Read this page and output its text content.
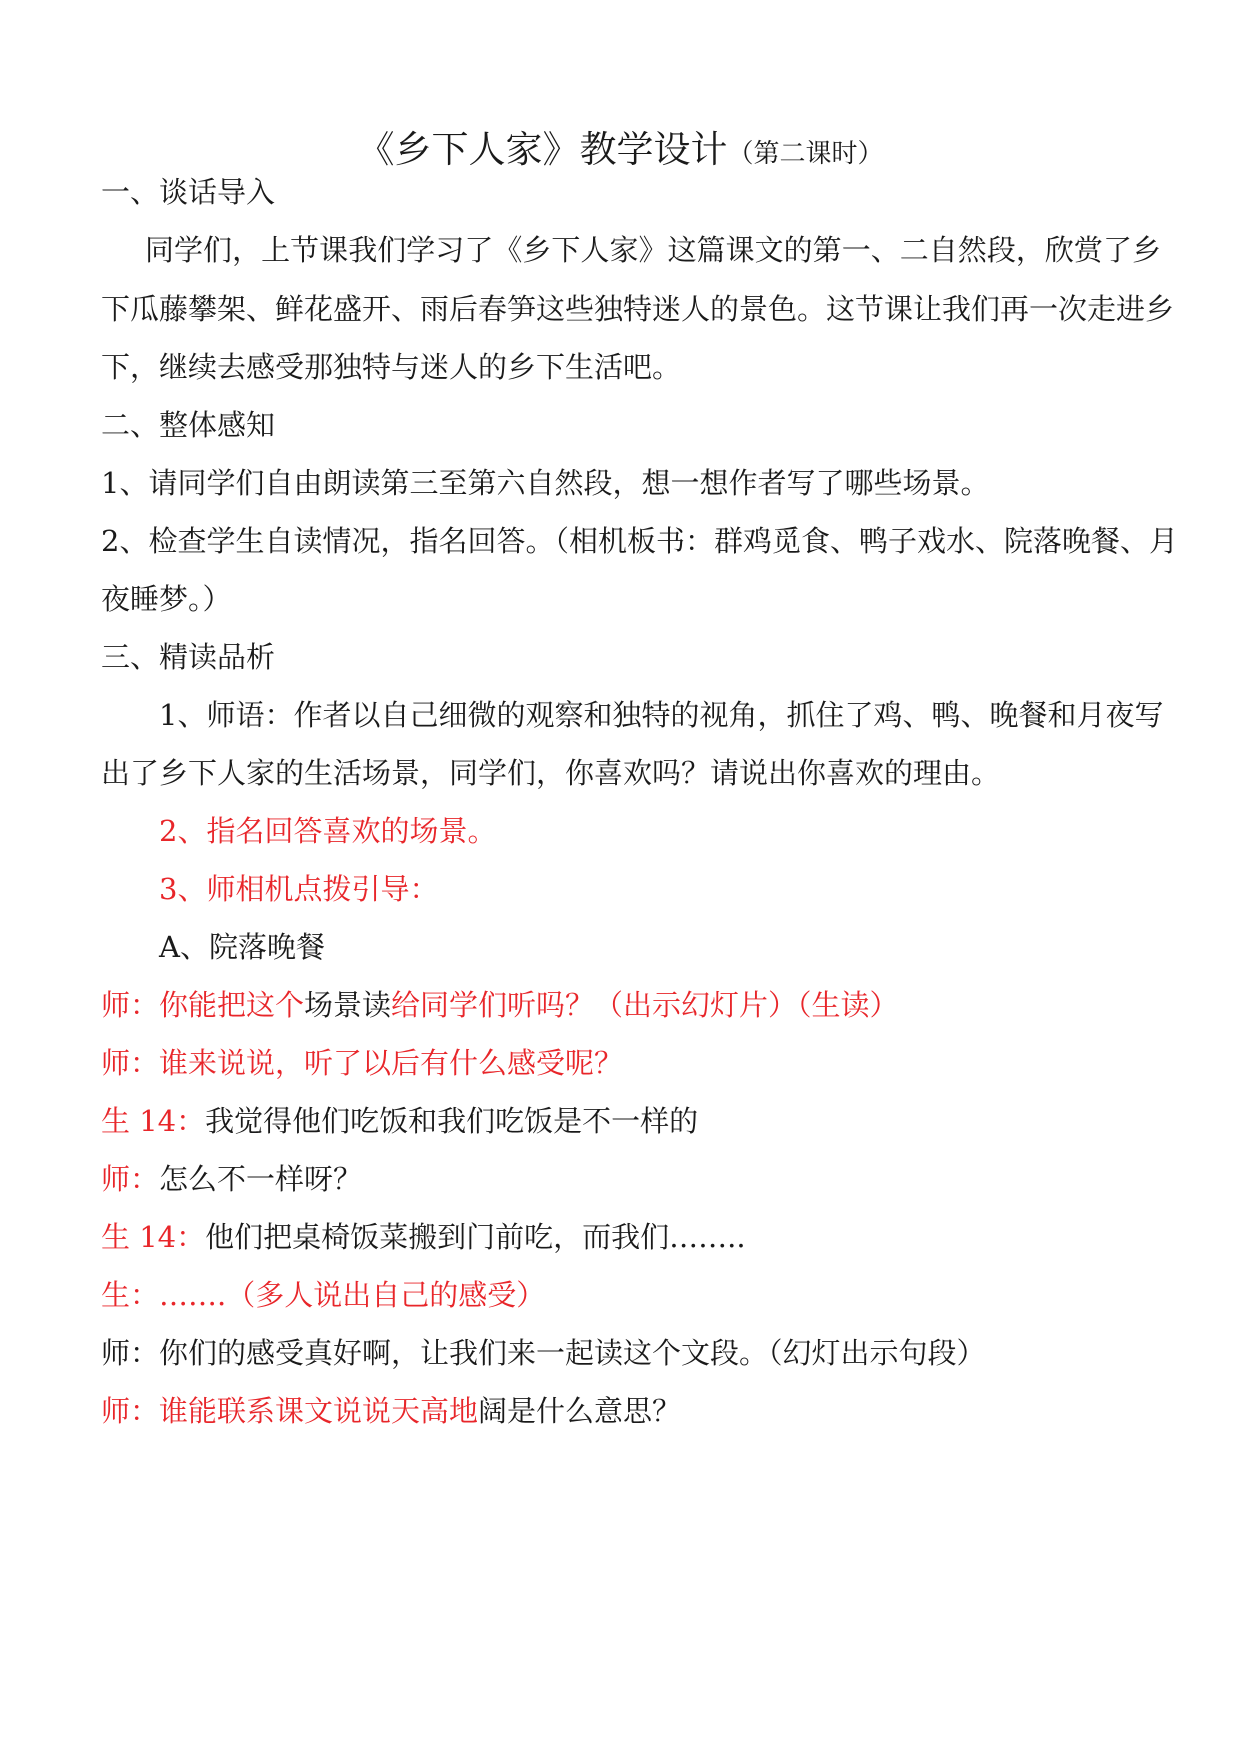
《乡下人家》教学设计（第二课时）
一、谈话导入
同学们，上节课我们学习了《乡下人家》这篇课文的第一、二自然段，欣赏了乡
下瓜藤攀架、鲜花盛开、雨后春笋这些独特迷人的景色。这节课让我们再一次走进乡
下，继续去感受那独特与迷人的乡下生活吧。
二、整体感知
1、请同学们自由朗读第三至第六自然段，想一想作者写了哪些场景。
2、检查学生自读情况，指名回答。（相机板书：群鸡觅食、鸭子戏水、院落晚餐、月
夜睡梦。）
三、精读品析
1、师语：作者以自己细微的观察和独特的视角，抓住了鸡、鸭、晚餐和月夜写
出了乡下人家的生活场景，同学们，你喜欢吗？请说出你喜欢的理由。
2、指名回答喜欢的场景。
3、师相机点拨引导：
A、院落晚餐
师：你能把这个场景读给同学们听吗？（出示幻灯片）（生读）
师：谁来说说，听了以后有什么感受呢？
生 14：我觉得他们吃饭和我们吃饭是不一样的
师：怎么不一样呀？
生 14：他们把桌椅饭菜搬到门前吃，而我们……..
生：…….（多人说出自己的感受）
师：你们的感受真好啊，让我们来一起读这个文段。（幻灯出示句段）
师：谁能联系课文说说天高地阔是什么意思？
